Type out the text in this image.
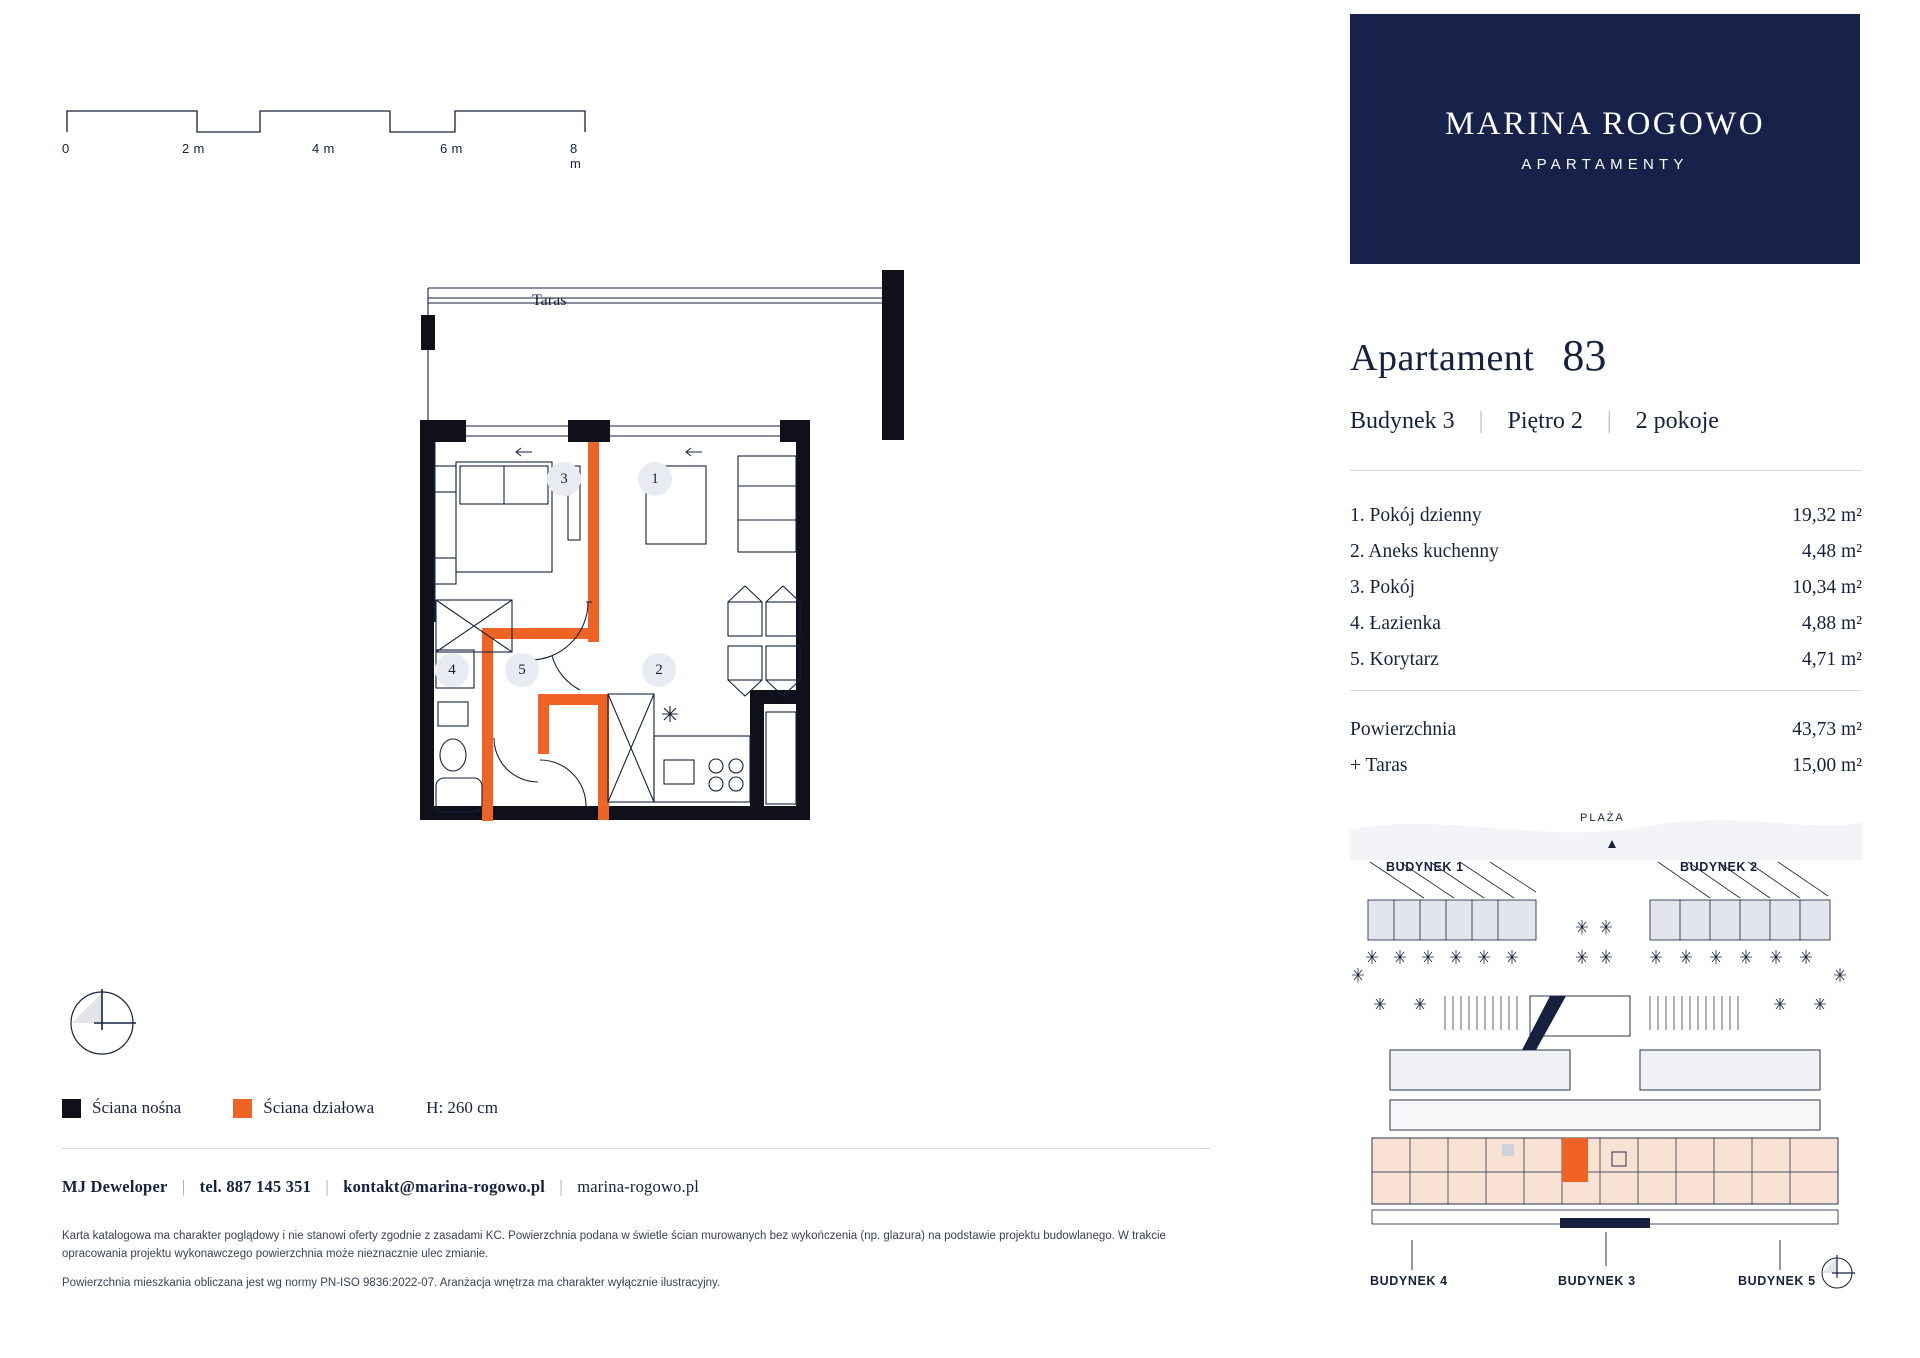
0	2 m	4 m	6 m	8 m
Taras
1
3
4	5	2
Ściana nośna	Ściana działowa	H: 260 cm
MJ Deweloper | tel. 887 145 351 | kontakt@marina-rogowo.pl | marina-rogowo.pl

Karta katalogowa ma charakter poglądowy i nie stanowi oferty zgodnie z zasadami KC. Powierzchnia podana w świetle ścian murowanych bez wykończenia (np. glazura) na podstawie projektu budowlanego. W trakcie opracowania projektu wykonawczego powierzchnia może nieznacznie ulec zmianie.

Powierzchnia mieszkania obliczana jest wg normy PN-ISO 9836:2022-07. Aranżacja wnętrza ma charakter wyłącznie ilustracyjny.

MARINA ROGOWO
APARTAMENTY
Apartament 83
Budynek 3 | Piętro 2 | 2 pokoje
1. Pokój dzienny	19,32 m²
2. Aneks kuchenny	4,48 m²
3. Pokój	10,34 m²
4. Łazienka	4,88 m²
5. Korytarz	4,71 m²
Powierzchnia	43,73 m²
+ Taras	15,00 m²
PLAŻA
BUDYNEK 1	BUDYNEK 2
BUDYNEK 4	BUDYNEK 3	BUDYNEK 5
